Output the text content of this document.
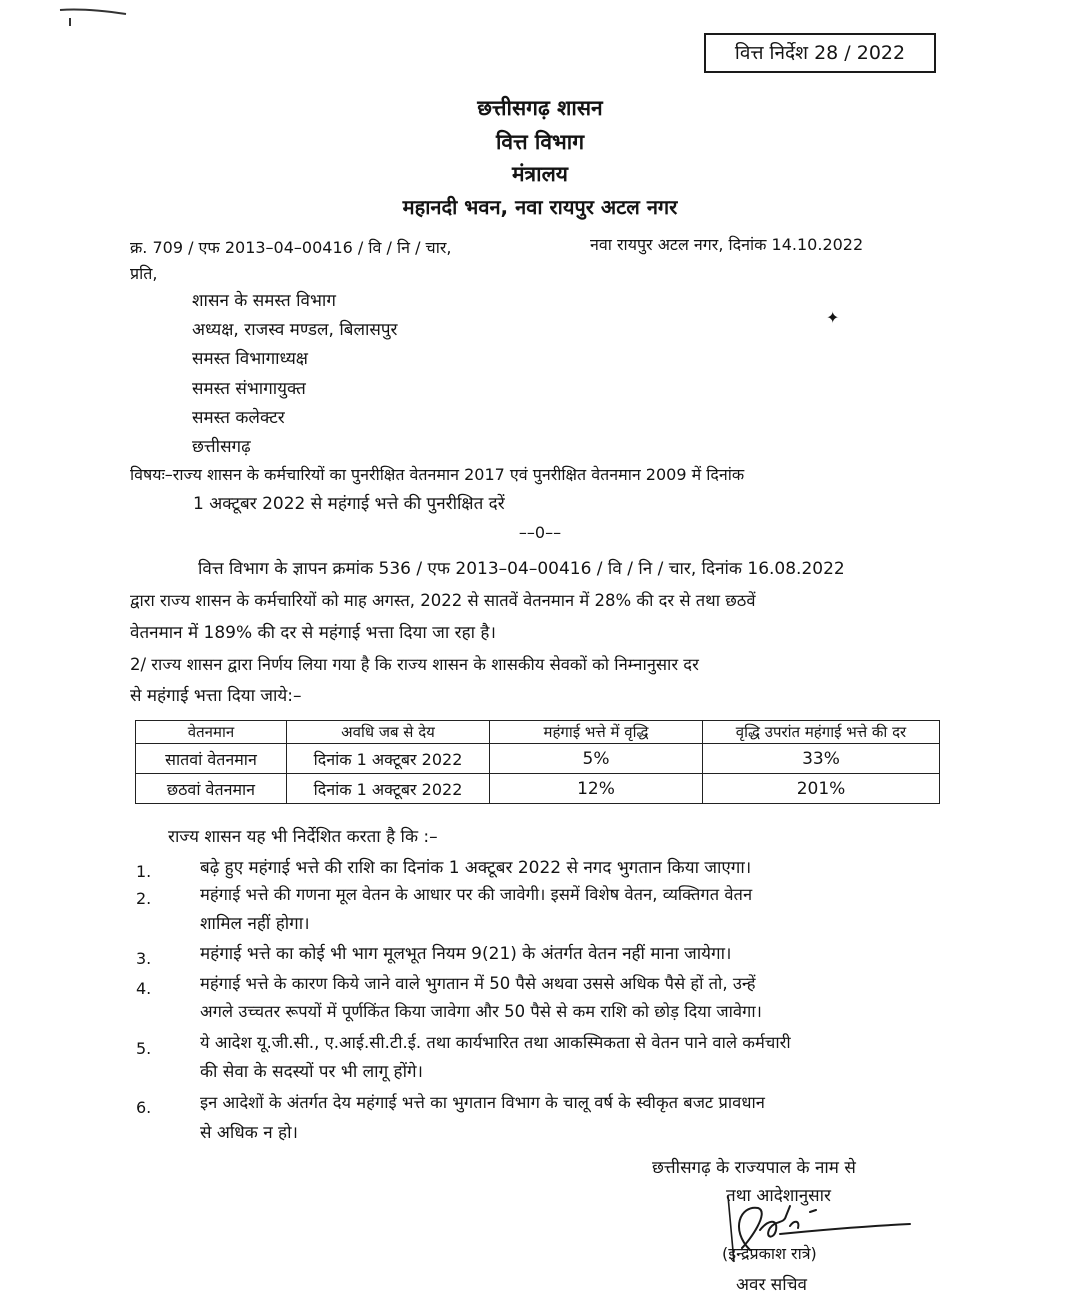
वित्त निर्देश 28 / 2022
छत्तीसगढ़ शासन
वित्त विभाग
मंत्रालय
महानदी भवन, नवा रायपुर अटल नगर
क्र. 709 / एफ 2013–04–00416 / वि / नि / चार,	नवा रायपुर अटल नगर, दिनांक 14.10.2022
प्रति,
शासन के समस्त विभाग
अध्यक्ष, राजस्व मण्डल, बिलासपुर
✦
समस्त विभागाध्यक्ष
समस्त संभागायुक्त
समस्त कलेक्टर
छत्तीसगढ़
विषयः–राज्य शासन के कर्मचारियों का पुनरीक्षित वेतनमान 2017 एवं पुनरीक्षित वेतनमान 2009 में दिनांक
1 अक्टूबर 2022 से महंगाई भत्ते की पुनरीक्षित दरें
––0––
वित्त विभाग के ज्ञापन क्रमांक 536 / एफ 2013–04–00416 / वि / नि / चार, दिनांक 16.08.2022
द्वारा राज्य शासन के कर्मचारियों को माह अगस्त, 2022 से सातवें वेतनमान में 28% की दर से तथा छठवें
वेतनमान में 189% की दर से महंगाई भत्ता दिया जा रहा है।
2/ राज्य शासन द्वारा निर्णय लिया गया है कि राज्य शासन के शासकीय सेवकों को निम्नानुसार दर
से महंगाई भत्ता दिया जाये:–
वेतनमान	अवधि जब से देय	महंगाई भत्ते में वृद्धि	वृद्धि उपरांत महंगाई भत्ते की दर
सातवां वेतनमान	दिनांक 1 अक्टूबर 2022	5%	33%
छठवां वेतनमान	दिनांक 1 अक्टूबर 2022	12%	201%
राज्य शासन यह भी निर्देशित करता है कि :–
1.	बढ़े हुए महंगाई भत्ते की राशि का दिनांक 1 अक्टूबर 2022 से नगद भुगतान किया जाएगा।
2.	महंगाई भत्ते की गणना मूल वेतन के आधार पर की जावेगी। इसमें विशेष वेतन, व्यक्तिगत वेतन
शामिल नहीं होगा।
3.	महंगाई भत्ते का कोई भी भाग मूलभूत नियम 9(21) के अंतर्गत वेतन नहीं माना जायेगा।
4.	महंगाई भत्ते के कारण किये जाने वाले भुगतान में 50 पैसे अथवा उससे अधिक पैसे हों तो, उन्हें
अगले उच्चतर रूपयों में पूर्णकिंत किया जावेगा और 50 पैसे से कम राशि को छोड़ दिया जावेगा।
5.	ये आदेश यू.जी.सी., ए.आई.सी.टी.ई. तथा कार्यभारित तथा आकस्मिकता से वेतन पाने वाले कर्मचारी
की सेवा के सदस्यों पर भी लागू होंगे।
6.	इन आदेशों के अंतर्गत देय महंगाई भत्ते का भुगतान विभाग के चालू वर्ष के स्वीकृत बजट प्रावधान
से अधिक न हो।
छत्तीसगढ़ के राज्यपाल के नाम से
तथा आदेशानुसार
(इन्द्रप्रकाश रात्रे)
अवर सचिव
